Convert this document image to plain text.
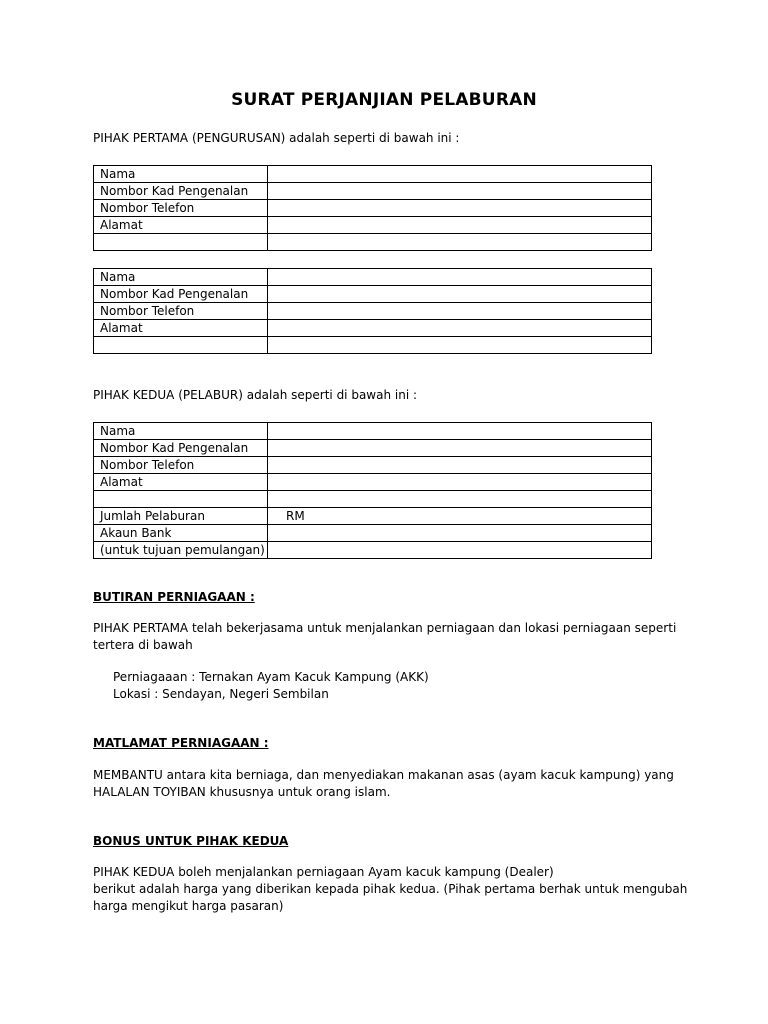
SURAT PERJANJIAN PELABURAN
PIHAK PERTAMA (PENGURUSAN) adalah seperti di bawah ini :
Nama	
Nombor Kad Pengenalan	
Nombor Telefon	
Alamat	

Nama	
Nombor Kad Pengenalan	
Nombor Telefon	
Alamat	

PIHAK KEDUA (PELABUR) adalah seperti di bawah ini :
Nama	
Nombor Kad Pengenalan	
Nombor Telefon	
Alamat	

Jumlah Pelaburan	RM
Akaun Bank	
(untuk tujuan pemulangan)	
BUTIRAN PERNIAGAAN :
PIHAK PERTAMA telah bekerjasama untuk menjalankan perniagaan dan lokasi perniagaan seperti
tertera di bawah
Perniagaaan : Ternakan Ayam Kacuk Kampung (AKK)
Lokasi : Sendayan, Negeri Sembilan
MATLAMAT PERNIAGAAN :
MEMBANTU antara kita berniaga, dan menyediakan makanan asas (ayam kacuk kampung) yang
HALALAN TOYIBAN khususnya untuk orang islam.
BONUS UNTUK PIHAK KEDUA
PIHAK KEDUA boleh menjalankan perniagaan Ayam kacuk kampung (Dealer)
berikut adalah harga yang diberikan kepada pihak kedua. (Pihak pertama berhak untuk mengubah
harga mengikut harga pasaran)
